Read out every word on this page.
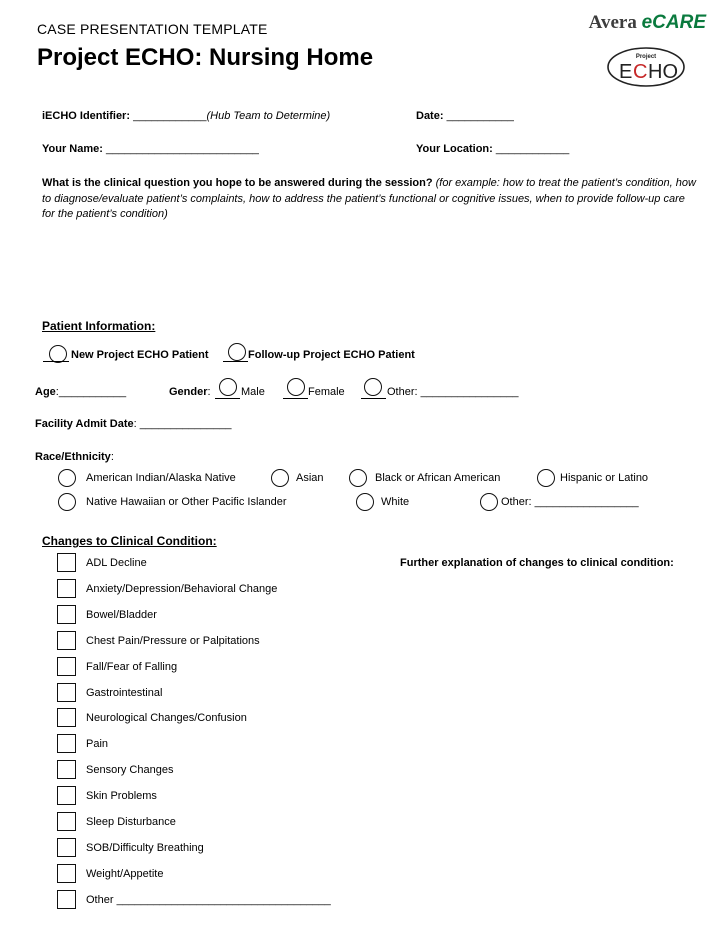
CASE PRESENTATION TEMPLATE
Project ECHO: Nursing Home
Avera eCARE
Project
E C HO
iECHO Identifier: ____________(Hub Team to Determine)	Date: ___________
Your Name: _________________________	Your Location: ____________
What is the clinical question you hope to be answered during the session? (for example: how to treat the patient’s condition, how to diagnose/evaluate patient’s complaints, how to address the patient’s functional or cognitive issues, when to provide follow-up care for the patient’s condition)
Patient Information:
New Project ECHO Patient	Follow-up Project ECHO Patient
Age:___________	Gender:	Male	Female	Other: ________________
Facility Admit Date: _______________
Race/Ethnicity:
American Indian/Alaska Native	Asian	Black or African American	Hispanic or Latino
Native Hawaiian or Other Pacific Islander	White	Other: _________________
Changes to Clinical Condition:
Further explanation of changes to clinical condition:
ADL Decline
Anxiety/Depression/Behavioral Change
Bowel/Bladder
Chest Pain/Pressure or Palpitations
Fall/Fear of Falling
Gastrointestinal
Neurological Changes/Confusion
Pain
Sensory Changes
Skin Problems
Sleep Disturbance
SOB/Difficulty Breathing
Weight/Appetite
Other ___________________________________
